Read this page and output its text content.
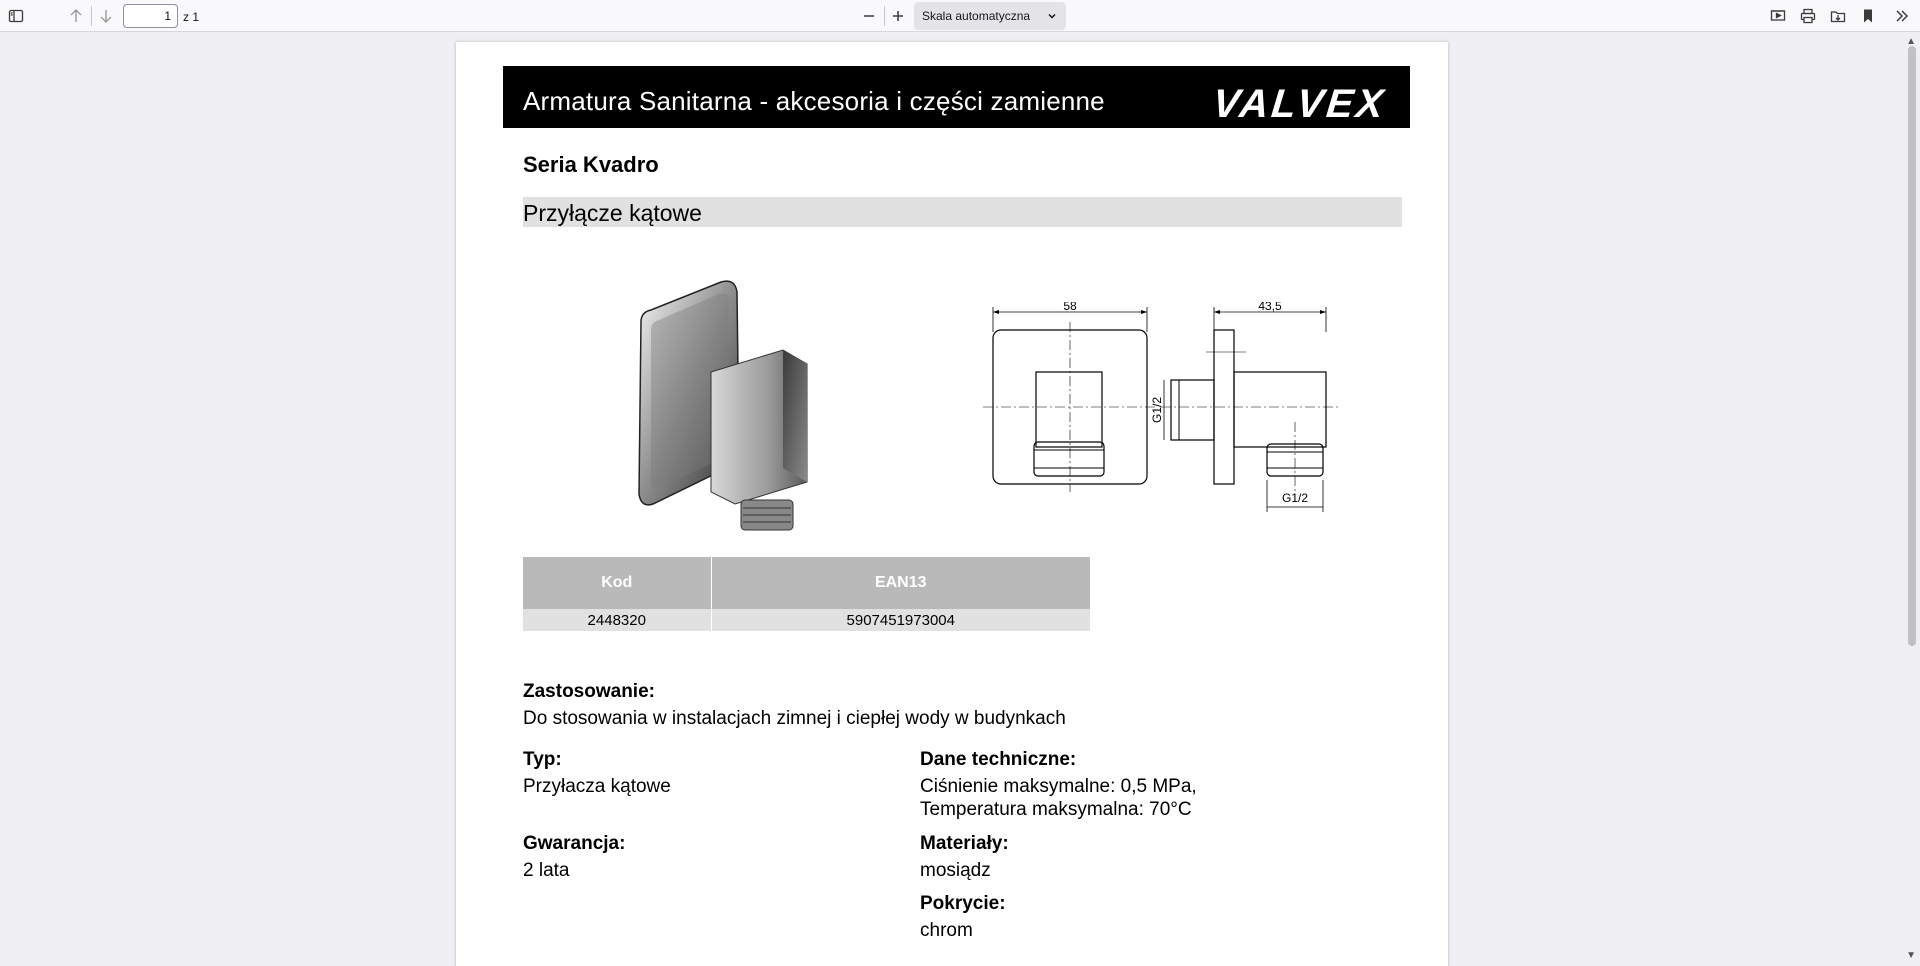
1
z 1	Skala automatyczna
▲
▼
Armatura Sanitarna - akcesoria i części zamienne	VALVEX
Seria Kvadro
Przyłącze kątowe
58	43,5
G1/2
G1/2
Kod	EAN13
2448320	5907451973004
Zastosowanie:
Do stosowania w instalacjach zimnej i ciepłej wody w budynkach
Typ:
Przyłacza kątowe
Dane techniczne:
Ciśnienie maksymalne: 0,5 MPa,
Temperatura maksymalna: 70°C
Gwarancja:
2 lata
Materiały:
mosiądz
Pokrycie:
chrom
